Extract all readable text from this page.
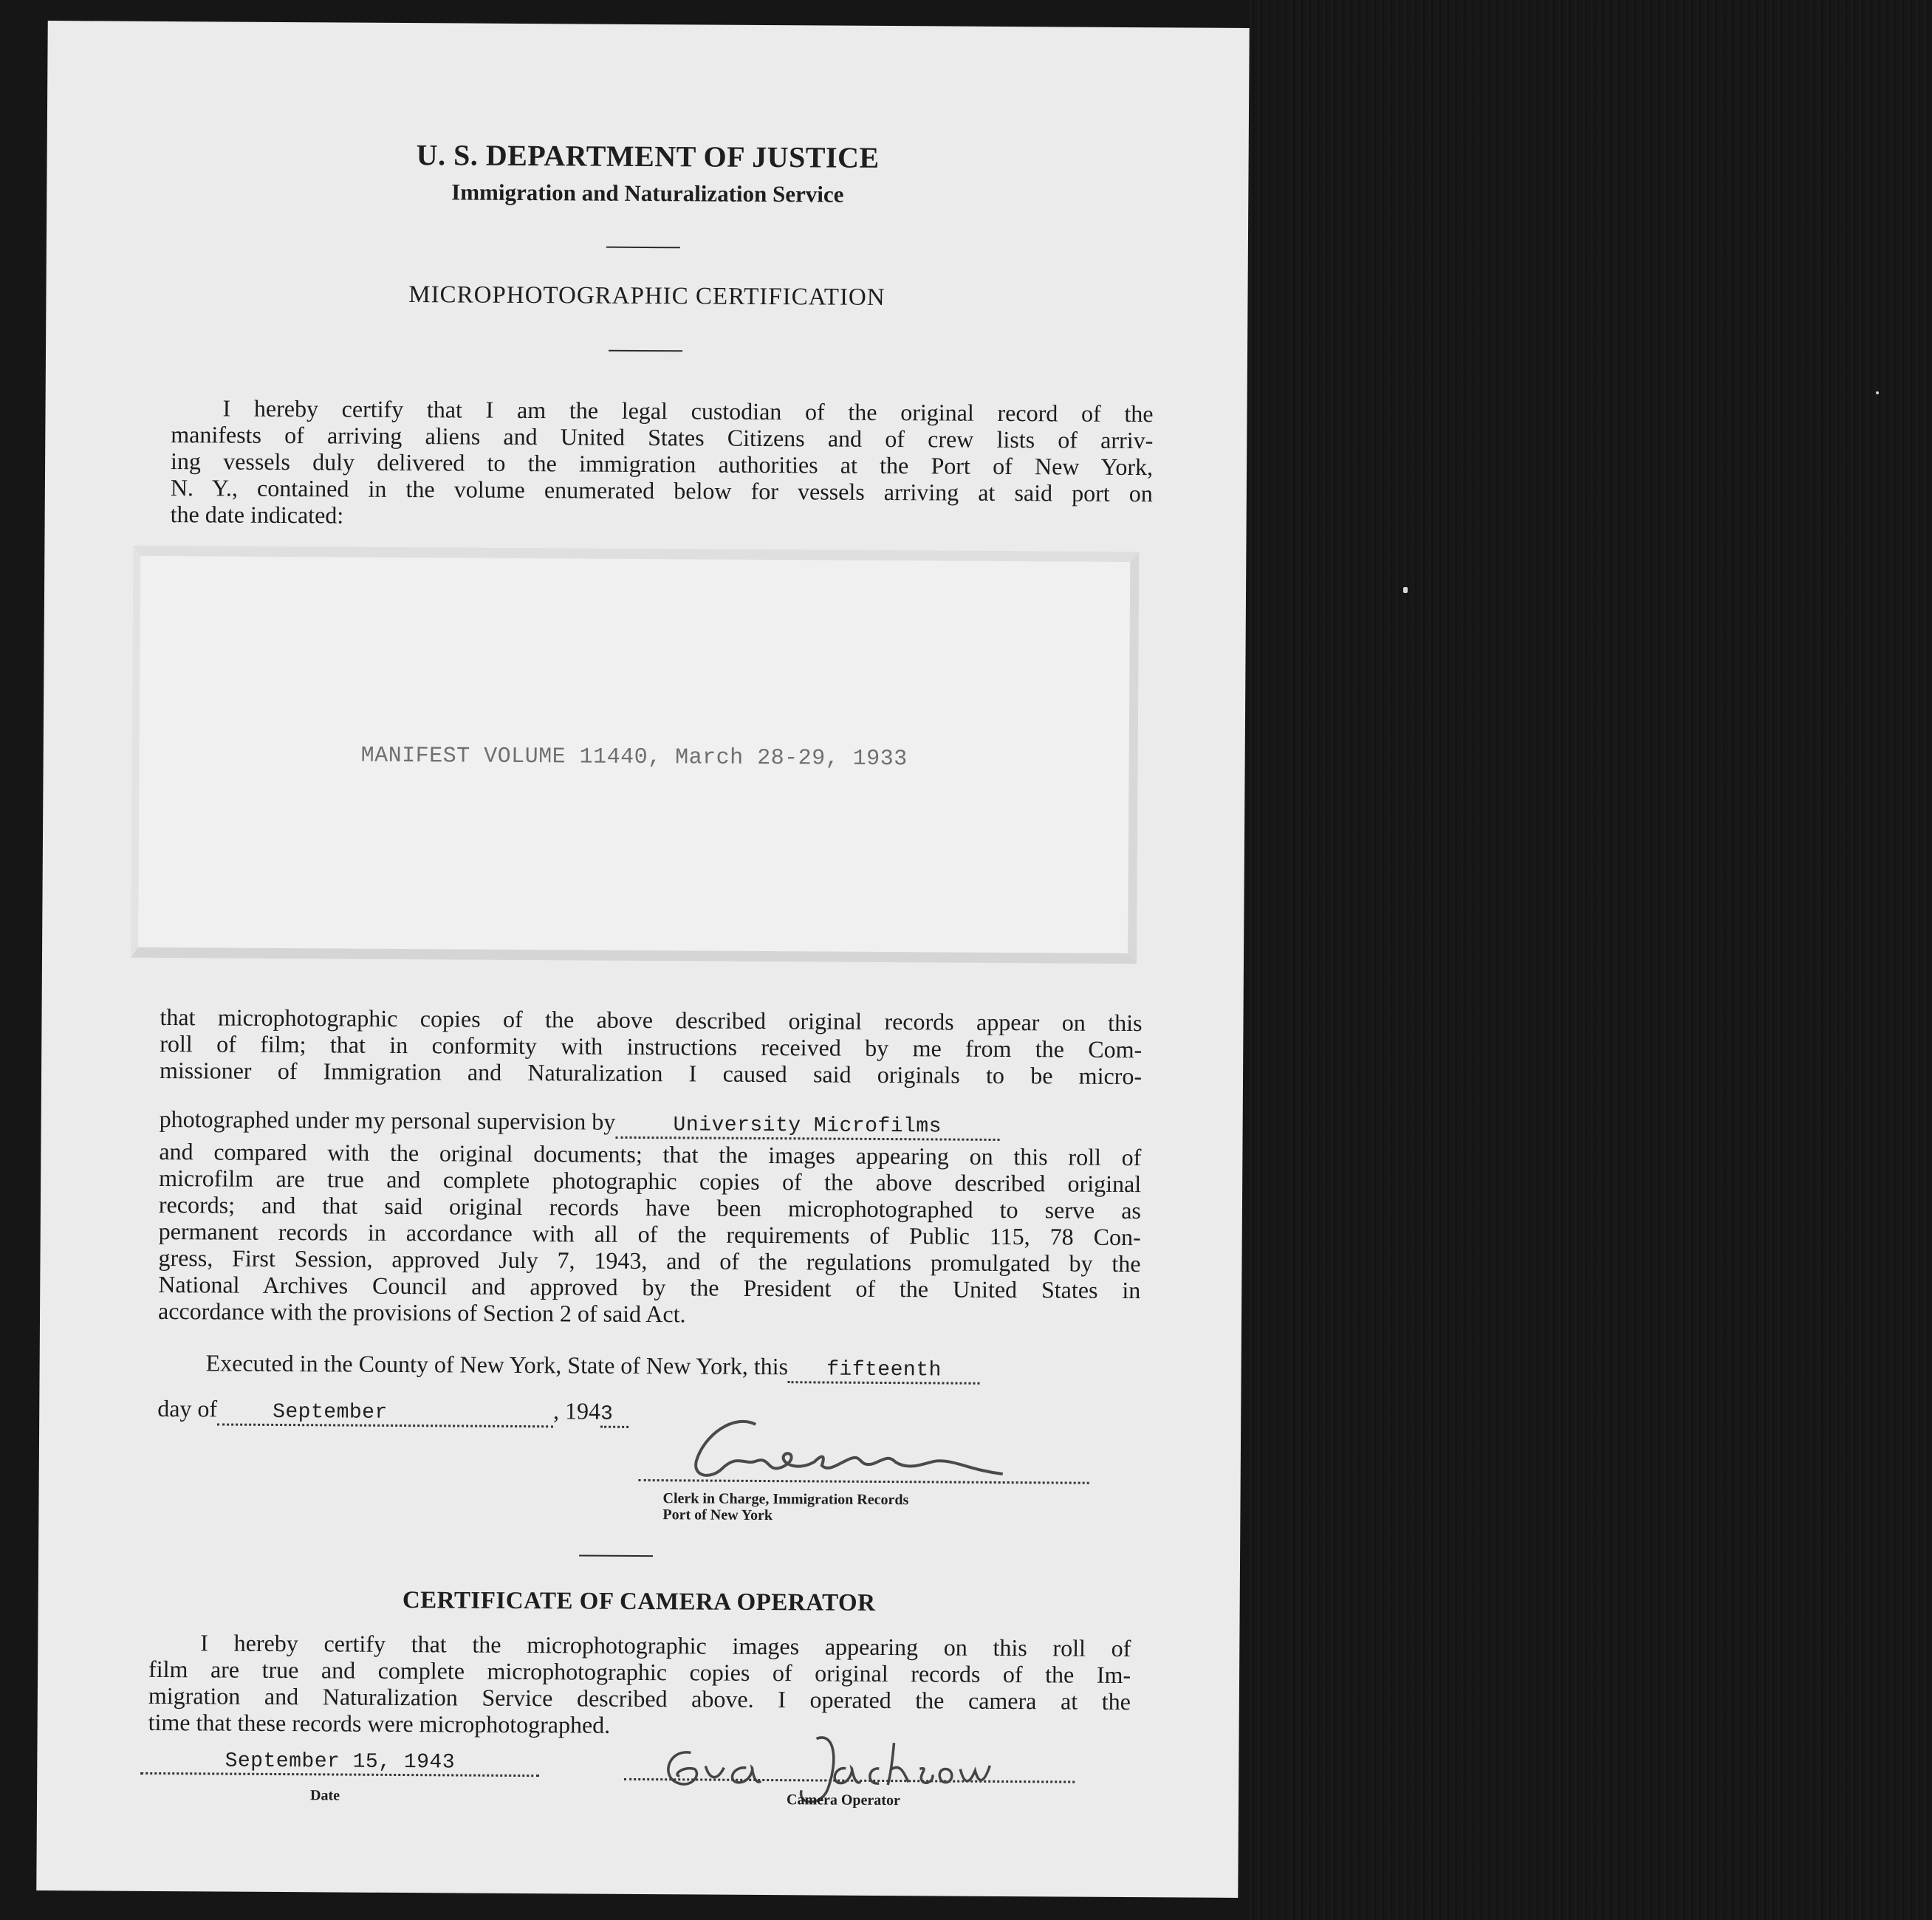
U. S. DEPARTMENT OF JUSTICE
Immigration and Naturalization Service
MICROPHOTOGRAPHIC CERTIFICATION
I hereby certify that I am the legal custodian of the original record of the
manifests of arriving aliens and United States Citizens and of crew lists of arriv-
ing vessels duly delivered to the immigration authorities at the Port of New York,
N. Y., contained in the volume enumerated below for vessels arriving at said port on
the date indicated:
MANIFEST VOLUME 11440, March 28-29, 1933
that microphotographic copies of the above described original records appear on this
roll of film; that in conformity with instructions received by me from the Com-
missioner of Immigration and Naturalization I caused said originals to be micro-
photographed under my personal supervision by	University Microfilms
and compared with the original documents; that the images appearing on this roll of
microfilm are true and complete photographic copies of the above described original
records; and that said original records have been microphotographed to serve as
permanent records in accordance with all of the requirements of Public 115, 78 Con-
gress, First Session, approved July 7, 1943, and of the regulations promulgated by the
National Archives Council and approved by the President of the United States in
accordance with the provisions of Section 2 of said Act.
Executed in the County of New York, State of New York, this fifteenth
day of	September	, 1943
Clerk in Charge, Immigration Records
Port of New York
CERTIFICATE OF CAMERA OPERATOR
I hereby certify that the microphotographic images appearing on this roll of
film are true and complete microphotographic copies of original records of the Im-
migration and Naturalization Service described above. I operated the camera at the
time that these records were microphotographed.
September 15, 1943
Date	Camera Operator
